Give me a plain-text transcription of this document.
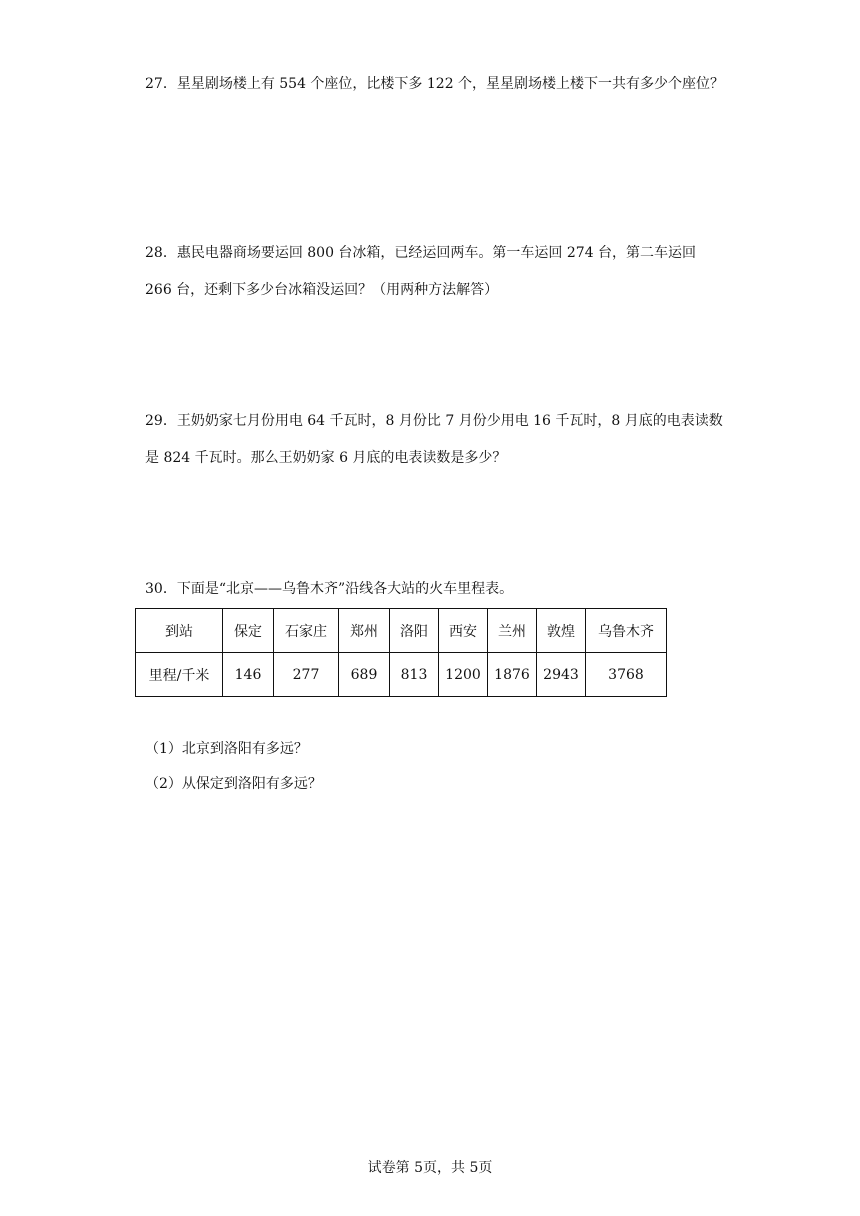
27．星星剧场楼上有 554 个座位，比楼下多 122 个，星星剧场楼上楼下一共有多少个座位？

28．惠民电器商场要运回 800 台冰箱，已经运回两车。第一车运回 274 台，第二车运回 266 台，还剩下多少台冰箱没运回？（用两种方法解答）

29．王奶奶家七月份用电 64 千瓦时，8 月份比 7 月份少用电 16 千瓦时，8 月底的电表读数是 824 千瓦时。那么王奶奶家 6 月底的电表读数是多少？

30．下面是“北京——乌鲁木齐”沿线各大站的火车里程表。

到站	保定	石家庄	郑州	洛阳	西安	兰州	敦煌	乌鲁木齐
里程/千米	146	277	689	813	1200	1876	2943	3768

（1）北京到洛阳有多远？

（2）从保定到洛阳有多远？

试卷第 5页，共 5页
